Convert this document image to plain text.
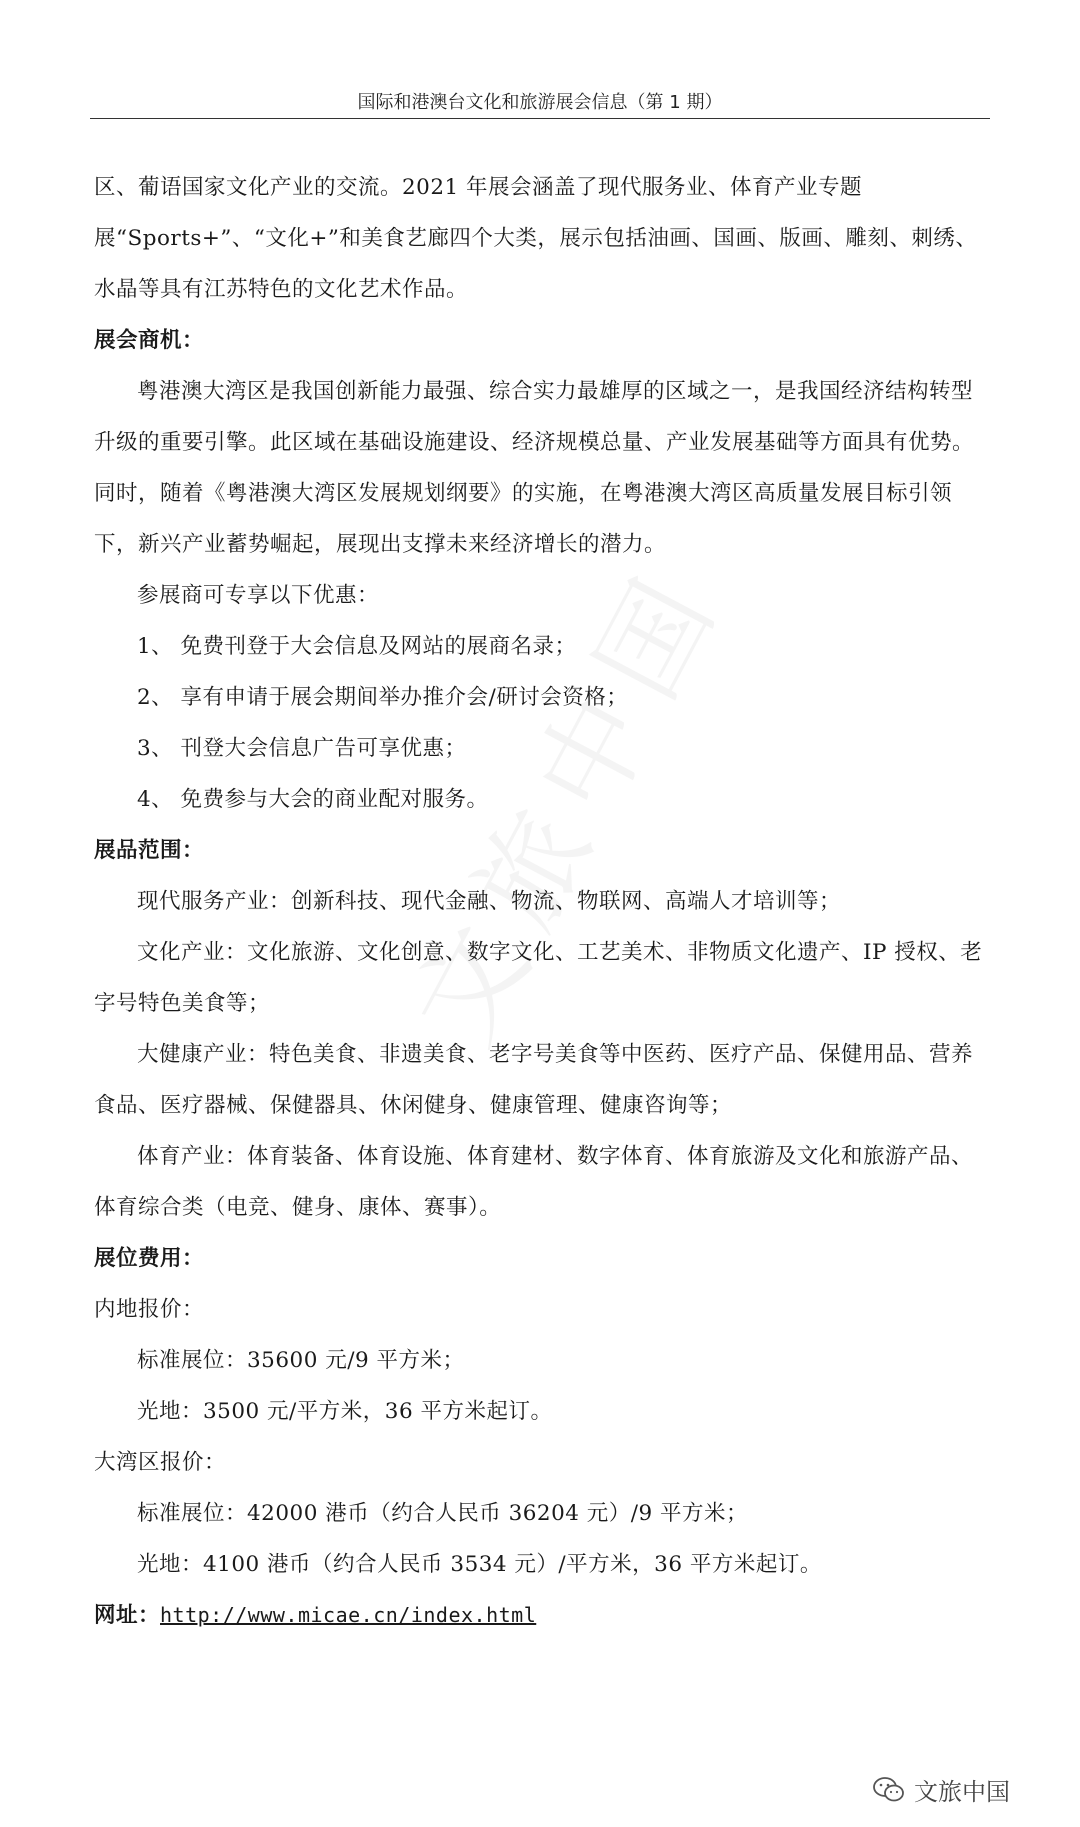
国际和港澳台文化和旅游展会信息（第 1 期）

区、葡语国家文化产业的交流。2021 年展会涵盖了现代服务业、体育产业专题展“Sports+”、“文化+”和美食艺廊四个大类，展示包括油画、国画、版画、雕刻、刺绣、水晶等具有江苏特色的文化艺术作品。

展会商机：

粤港澳大湾区是我国创新能力最强、综合实力最雄厚的区域之一，是我国经济结构转型升级的重要引擎。此区域在基础设施建设、经济规模总量、产业发展基础等方面具有优势。同时，随着《粤港澳大湾区发展规划纲要》的实施，在粤港澳大湾区高质量发展目标引领下，新兴产业蓄势崛起，展现出支撑未来经济增长的潜力。

参展商可专享以下优惠：

1、 免费刊登于大会信息及网站的展商名录；

2、 享有申请于展会期间举办推介会/研讨会资格；

3、 刊登大会信息广告可享优惠；

4、 免费参与大会的商业配对服务。

展品范围：

现代服务产业：创新科技、现代金融、物流、物联网、高端人才培训等；

文化产业：文化旅游、文化创意、数字文化、工艺美术、非物质文化遗产、IP 授权、老字号特色美食等；

大健康产业：特色美食、非遗美食、老字号美食等中医药、医疗产品、保健用品、营养食品、医疗器械、保健器具、休闲健身、健康管理、健康咨询等；

体育产业：体育装备、体育设施、体育建材、数字体育、体育旅游及文化和旅游产品、体育综合类（电竞、健身、康体、赛事）。

展位费用：

内地报价：

标准展位：35600 元/9 平方米；

光地：3500 元/平方米，36 平方米起订。

大湾区报价：

标准展位：42000 港币（约合人民币 36204 元）/9 平方米；

光地：4100 港币（约合人民币 3534 元）/平方米，36 平方米起订。

网址：http://www.micae.cn/index.html

文旅中国
